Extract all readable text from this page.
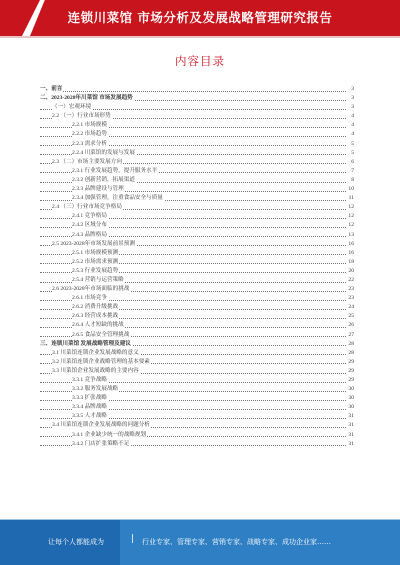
连锁川菜馆 市场分析及发展战略管理研究报告
内容目录
一、前言	3
二、2023-2028年川菜馆 市场发展趋势	3
（一）宏观环境	3
2.2 （一）行业市场形势	4
2.2.1 市场规模	4
2.2.2 市场趋势	4
2.2.3 需求分析	5
2.2.4 川菜馆的发展与发展	5
2.3 （二）市场主要发展方向	6
2.3.1 行业发展趋势，提升服务水平	7
2.3.2 创新营销，拓展渠道	8
2.3.3 品牌建设与管理	10
2.3.4 加强管理，注重食品安全与质量	11
2.4 （三）行业市场竞争格局	12
2.4.1 竞争格局	12
2.4.2 区域分布	12
2.4.3 品牌格局	13
2.5 2023-2028年市场发展前景预测	16
2.5.1 市场规模预测	16
2.5.2 市场需求预测	18
2.5.3 行业发展趋势	20
2.5.4 营销与运营策略	22
2.6 2023-2028年市场面临的挑战	23
2.6.1 市场竞争	23
2.6.2 消费升级挑战	24
2.6.3 经营成本挑战	25
2.6.4 人才短缺的挑战	26
2.6.5 食品安全管理挑战	27
三、连锁川菜馆 发展战略管理及建议	28
3.1 川菜馆连锁企业发展战略的意义	28
3.2 川菜馆连锁企业战略管理的基本要素	29
3.3 川菜馆企业发展战略的主要内容	29
3.3.1 竞争战略	29
3.3.2 服务发展战略	30
3.3.3 扩张战略	30
3.3.4 品牌战略	30
3.3.5 人才战略	31
3.4 川菜馆连锁企业发展战略的问题分析	31
3.4.1 企业缺少统一的战略规划	31
3.4.2 门店扩张策略不足	31
让每个人都能成为	| 行业专家、管理专家、营销专家、战略专家、成功企业家……
